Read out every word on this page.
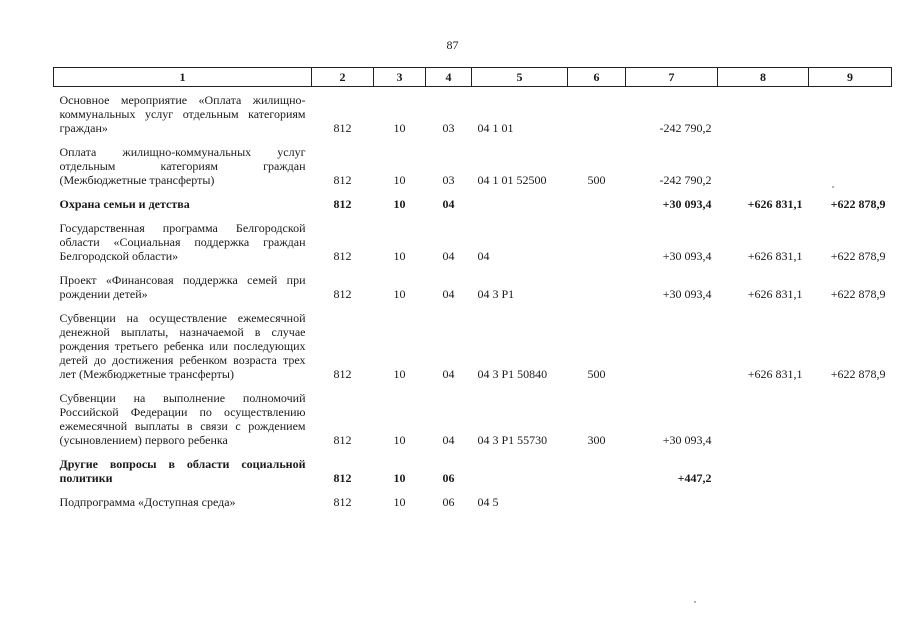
87
1	2	3	4	5	6	7	8	9
Основное мероприятие «Оплата жилищно-коммунальных услуг отдельным категориям граждан»	812	10	03	04 1 01		-242 790,2		
Оплата жилищно-коммунальных услуг отдельным категориям граждан (Межбюджетные трансферты)	812	10	03	04 1 01 52500	500	-242 790,2		
Охрана семьи и детства	812	10	04			+30 093,4	+626 831,1	+622 878,9
Государственная программа Белгородской области «Социальная поддержка граждан Белгородской области»	812	10	04	04		+30 093,4	+626 831,1	+622 878,9
Проект «Финансовая поддержка семей при рождении детей»	812	10	04	04 3 P1		+30 093,4	+626 831,1	+622 878,9
Субвенции на осуществление ежемесячной денежной выплаты, назначаемой в случае рождения третьего ребенка или последующих детей до достижения ребенком возраста трех лет (Межбюджетные трансферты)	812	10	04	04 3 P1 50840	500		+626 831,1	+622 878,9
Субвенции на выполнение полномочий Российской Федерации по осуществлению ежемесячной выплаты в связи с рождением (усыновлением) первого ребенка	812	10	04	04 3 P1 55730	300	+30 093,4		
Другие вопросы в области социальной политики	812	10	06			+447,2		
Подпрограмма «Доступная среда»	812	10	06	04 5				
